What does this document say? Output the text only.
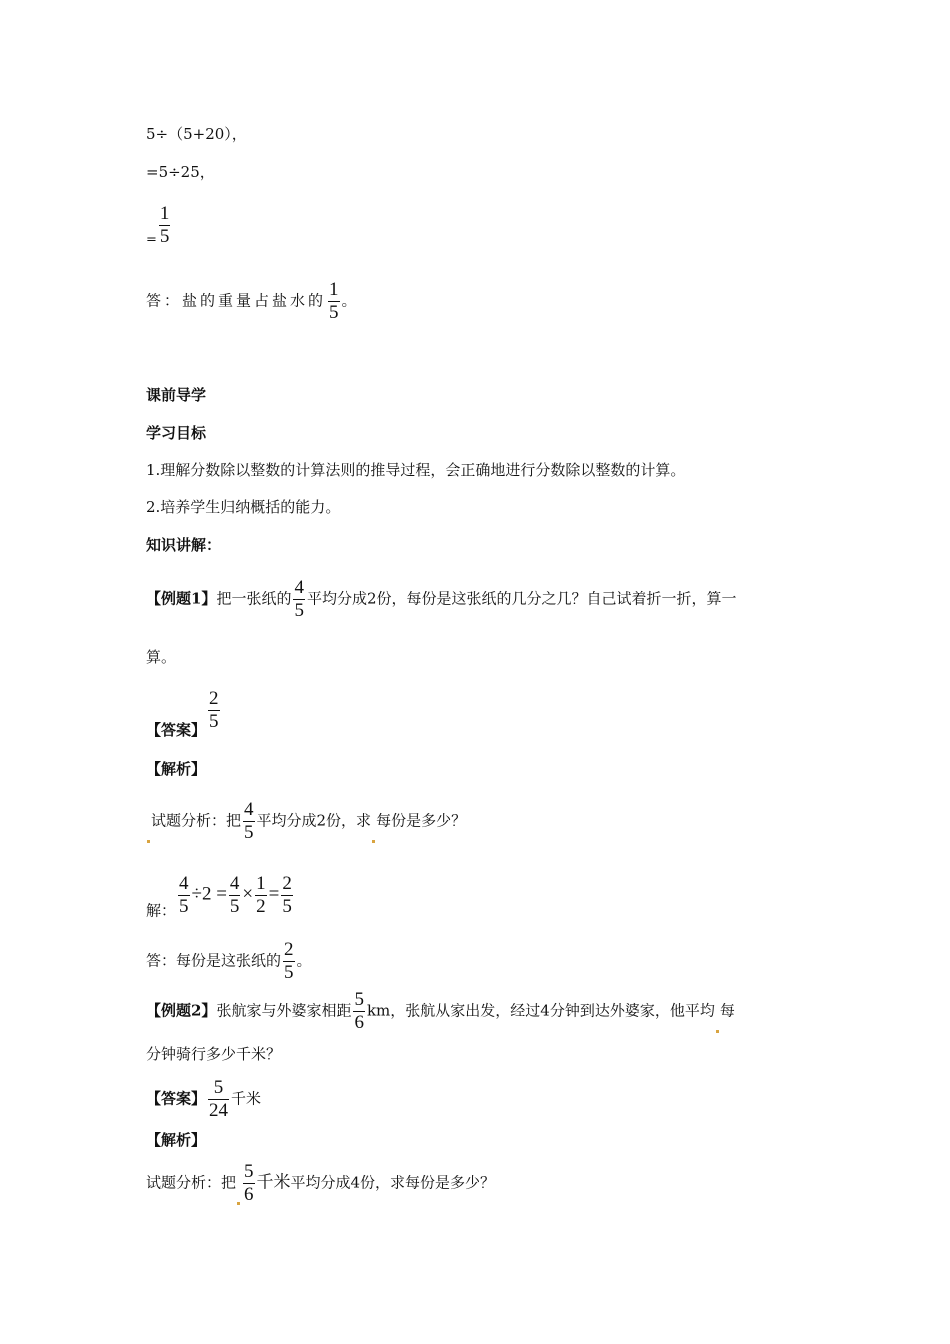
5÷（5+20），
=5÷25，
= $\frac{1}{5}$
答：盐的重量占盐水的 $\frac{1}{5}$ 。
课前导学
学习目标
1.理解分数除以整数的计算法则的推导过程，会正确地进行分数除以整数的计算。
2.培养学生归纳概括的能力。
知识讲解：
【例题1】把一张纸的 $\frac{4}{5}$ 平均分成2份，每份是这张纸的几分之几？自己试着折一折，算一
算。
【答案】 $\frac{2}{5}$
【解析】
试题分析：把 $\frac{4}{5}$ 平均分成2份，求 每份是多少？
解： $\frac{4}{5} \div 2 = \frac{4}{5} \times \frac{1}{2} = \frac{2}{5}$
答：每份是这张纸的 $\frac{2}{5}$ 。
【例题2】张航家与外婆家相距 $\frac{5}{6}$ km，张航从家出发，经过4分钟到达外婆家，他平均 每
分钟骑行多少千米？
【答案】 $\frac{5}{24}$ 千米
【解析】
试题分析：把 $\frac{5}{6}$ 千米平均分成4份，求每份是多少？
